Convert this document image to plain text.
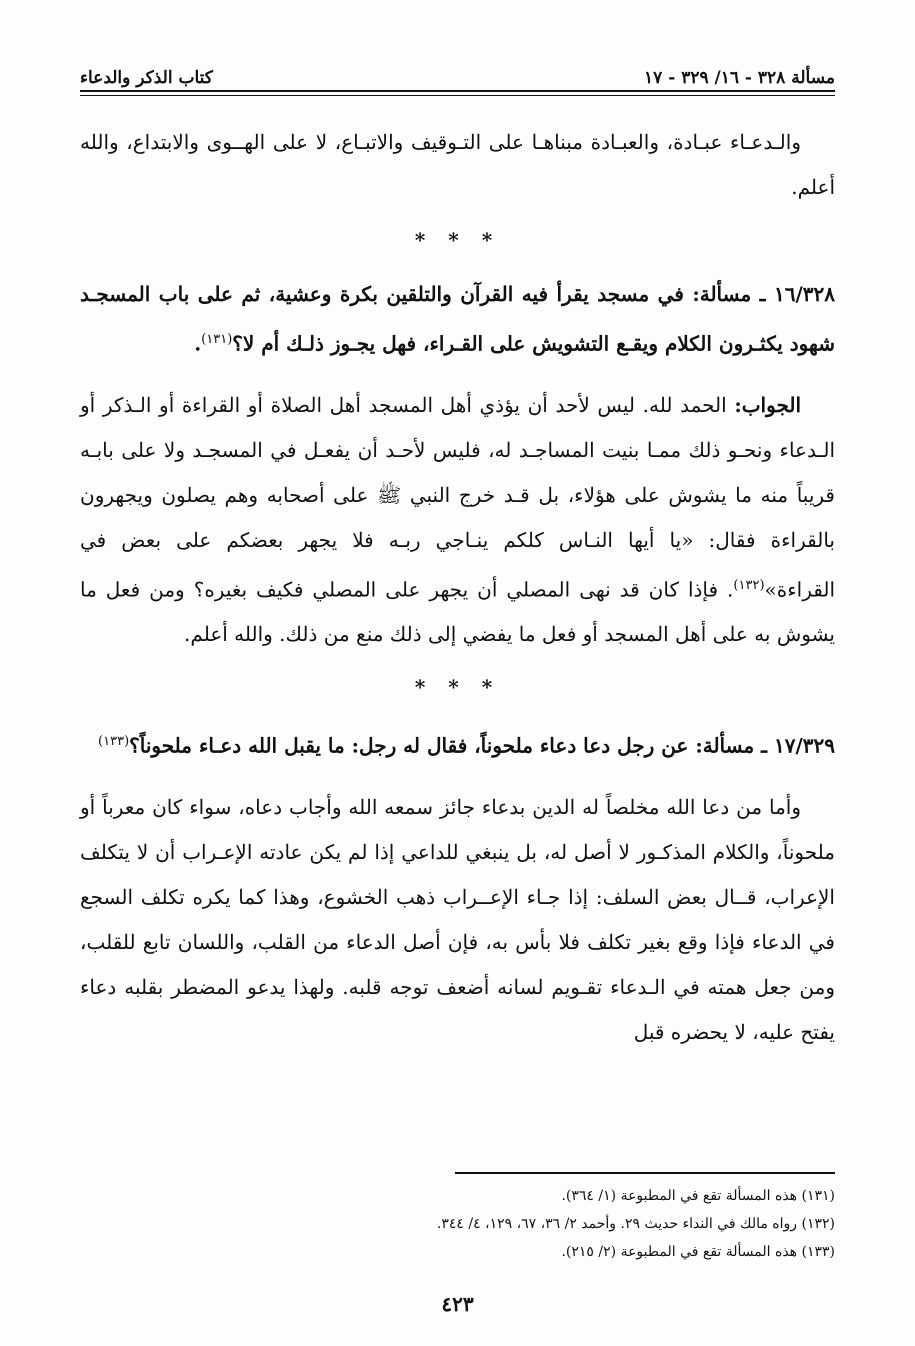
مسألة ٣٢٨ - ١٦/ ٣٢٩ - ١٧
كتاب الذكر والدعاء

والـدعـاء عبـادة، والعبـادة مبناهـا على التـوقيف والاتبـاع، لا على الهــوى والابتداع، والله أعلم.

* * *

١٦/٣٢٨ ـ مسألة: في مسجد يقرأ فيه القرآن والتلقين بكرة وعشية، ثم على باب المسجـد شهود يكثـرون الكلام ويقـع التشويش على القـراء، فهل يجـوز ذلـك أم لا؟$^{(١٣١)}$.

الجواب: الحمد لله. ليس لأحد أن يؤذي أهل المسجد أهل الصلاة أو القراءة أو الـذكر أو الـدعاء ونحـو ذلك ممـا بنيت المساجـد له، فليس لأحـد أن يفعـل في المسجـد ولا على بابـه قريباً منه ما يشوش على هؤلاء، بل قـد خرج النبي ﷺ على أصحابه وهم يصلون ويجهرون بالقراءة فقال: «يا أيها النـاس كلكم ينـاجي ربـه فلا يجهر بعضكم على بعض في القراءة»$^{(١٣٢)}$. فإذا كان قد نهى المصلي أن يجهر على المصلي فكيف بغيره؟ ومن فعل ما يشوش به على أهل المسجد أو فعل ما يفضي إلى ذلك منع من ذلك. والله أعلم.

* * *

١٧/٣٢٩ ـ مسألة: عن رجل دعا دعاء ملحوناً، فقال له رجل: ما يقبل الله دعـاء ملحوناً؟$^{(١٣٣)}$

وأما من دعا الله مخلصاً له الدين بدعاء جائز سمعه الله وأجاب دعاه، سواء كان معرباً أو ملحوناً، والكلام المذكـور لا أصل له، بل ينبغي للداعي إذا لم يكن عادته الإعـراب أن لا يتكلف الإعراب، قــال بعض السلف: إذا جـاء الإعــراب ذهب الخشوع، وهذا كما يكره تكلف السجع في الدعاء فإذا وقع بغير تكلف فلا بأس به، فإن أصل الدعاء من القلب، واللسان تابع للقلب، ومن جعل همته في الـدعاء تقـويم لسانه أضعف توجه قلبه. ولهذا يدعو المضطر بقلبه دعاء يفتح عليه، لا يحضره قبل

(١٣١) هذه المسألة تقع في المطبوعة (١/ ٣٦٤).
(١٣٢) رواه مالك في النداء حديث ٢٩. وأحمد ٢/ ٣٦، ٦٧، ١٢٩، ٤/ ٣٤٤.
(١٣٣) هذه المسألة تقع في المطبوعة (٢/ ٢١٥).
٤٢٣
